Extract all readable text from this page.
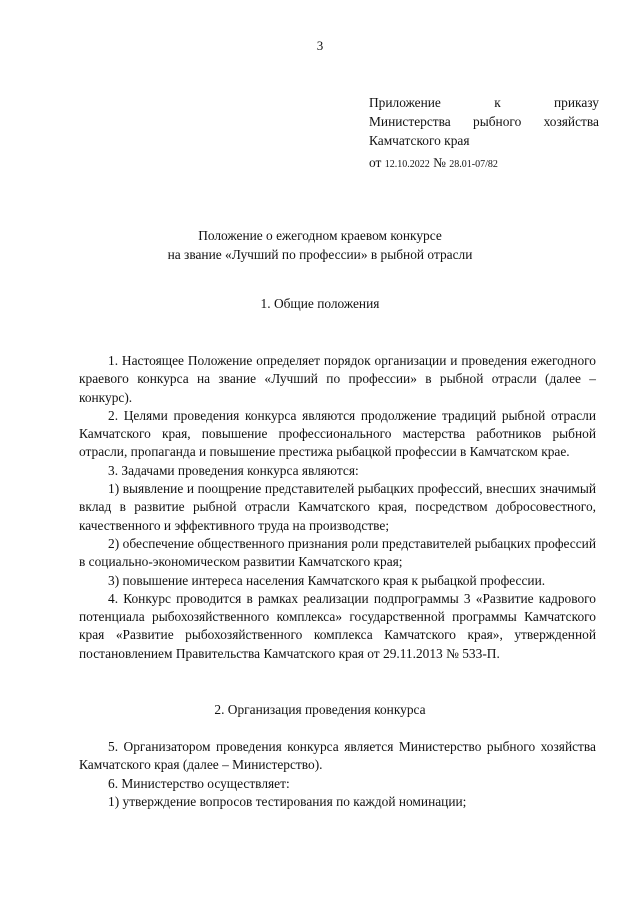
3
Приложение	к	приказу
Министерства рыбного хозяйства
Камчатского края
от 12.10.2022 № 28.01-07/82
Положение о ежегодном краевом конкурсе
на звание «Лучший по профессии» в рыбной отрасли
1. Общие положения

1. Настоящее Положение определяет порядок организации и проведения ежегодного краевого конкурса на звание «Лучший по профессии» в рыбной отрасли (далее – конкурс).

2. Целями проведения конкурса являются продолжение традиций рыбной отрасли Камчатского края, повышение профессионального мастерства работников рыбной отрасли, пропаганда и повышение престижа рыбацкой профессии в Камчатском крае.

3. Задачами проведения конкурса являются:

1) выявление и поощрение представителей рыбацких профессий, внесших значимый вклад в развитие рыбной отрасли Камчатского края, посредством добросовестного, качественного и эффективного труда на производстве;

2) обеспечение общественного признания роли представителей рыбацких профессий в социально-экономическом развитии Камчатского края;

3) повышение интереса населения Камчатского края к рыбацкой профессии.

4. Конкурс проводится в рамках реализации подпрограммы 3 «Развитие кадрового потенциала рыбохозяйственного комплекса» государственной программы Камчатского края «Развитие рыбохозяйственного комплекса Камчатского края», утвержденной постановлением Правительства Камчатского края от 29.11.2013 № 533-П.

2. Организация проведения конкурса

5. Организатором проведения конкурса является Министерство рыбного хозяйства Камчатского края (далее – Министерство).

6. Министерство осуществляет:

1) утверждение вопросов тестирования по каждой номинации;
